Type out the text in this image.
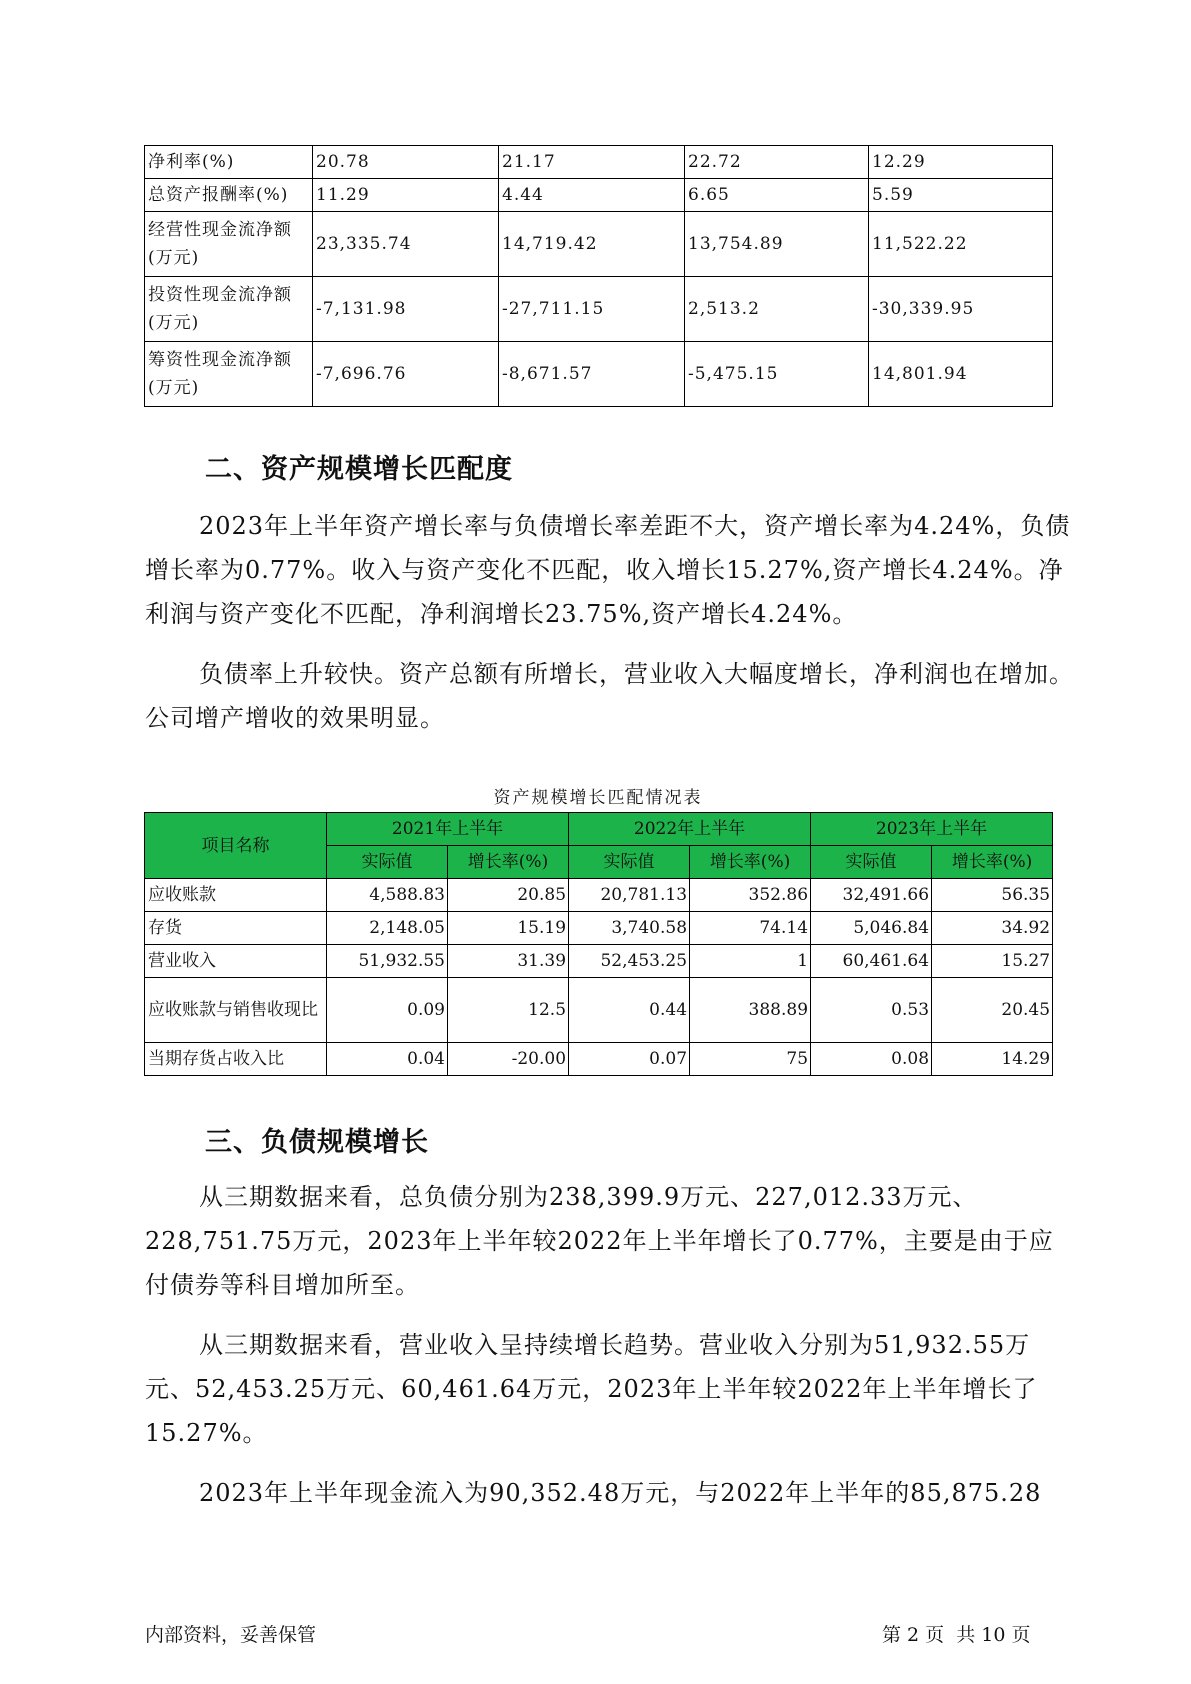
净利率(%)	20.78	21.17	22.72	12.29
总资产报酬率(%)	11.29	4.44	6.65	5.59
经营性现金流净额(万元)	23,335.74	14,719.42	13,754.89	11,522.22
投资性现金流净额(万元)	-7,131.98	-27,711.15	2,513.2	-30,339.95
筹资性现金流净额(万元)	-7,696.76	-8,671.57	-5,475.15	14,801.94
二、资产规模增长匹配度

2023年上半年资产增长率与负债增长率差距不大，资产增长率为4.24%，负债增长率为0.77%。收入与资产变化不匹配，收入增长15.27%,资产增长4.24%。净利润与资产变化不匹配，净利润增长23.75%,资产增长4.24%。

负债率上升较快。资产总额有所增长，营业收入大幅度增长，净利润也在增加。公司增产增收的效果明显。

资产规模增长匹配情况表
项目名称	2021年上半年		2022年上半年		2023年上半年	
	实际值	增长率(%)	实际值	增长率(%)	实际值	增长率(%)
应收账款	4,588.83	20.85	20,781.13	352.86	32,491.66	56.35
存货	2,148.05	15.19	3,740.58	74.14	5,046.84	34.92
营业收入	51,932.55	31.39	52,453.25	1	60,461.64	15.27
应收账款与销售收现比	0.09	12.5	0.44	388.89	0.53	20.45
当期存货占收入比	0.04	-20.00	0.07	75	0.08	14.29
三、负债规模增长

从三期数据来看，总负债分别为238,399.9万元、227,012.33万元、228,751.75万元，2023年上半年较2022年上半年增长了0.77%，主要是由于应付债券等科目增加所至。

从三期数据来看，营业收入呈持续增长趋势。营业收入分别为51,932.55万元、52,453.25万元、60,461.64万元，2023年上半年较2022年上半年增长了15.27%。

2023年上半年现金流入为90,352.48万元，与2022年上半年的85,875.28

内部资料，妥善保管	第 2 页  共 10 页
